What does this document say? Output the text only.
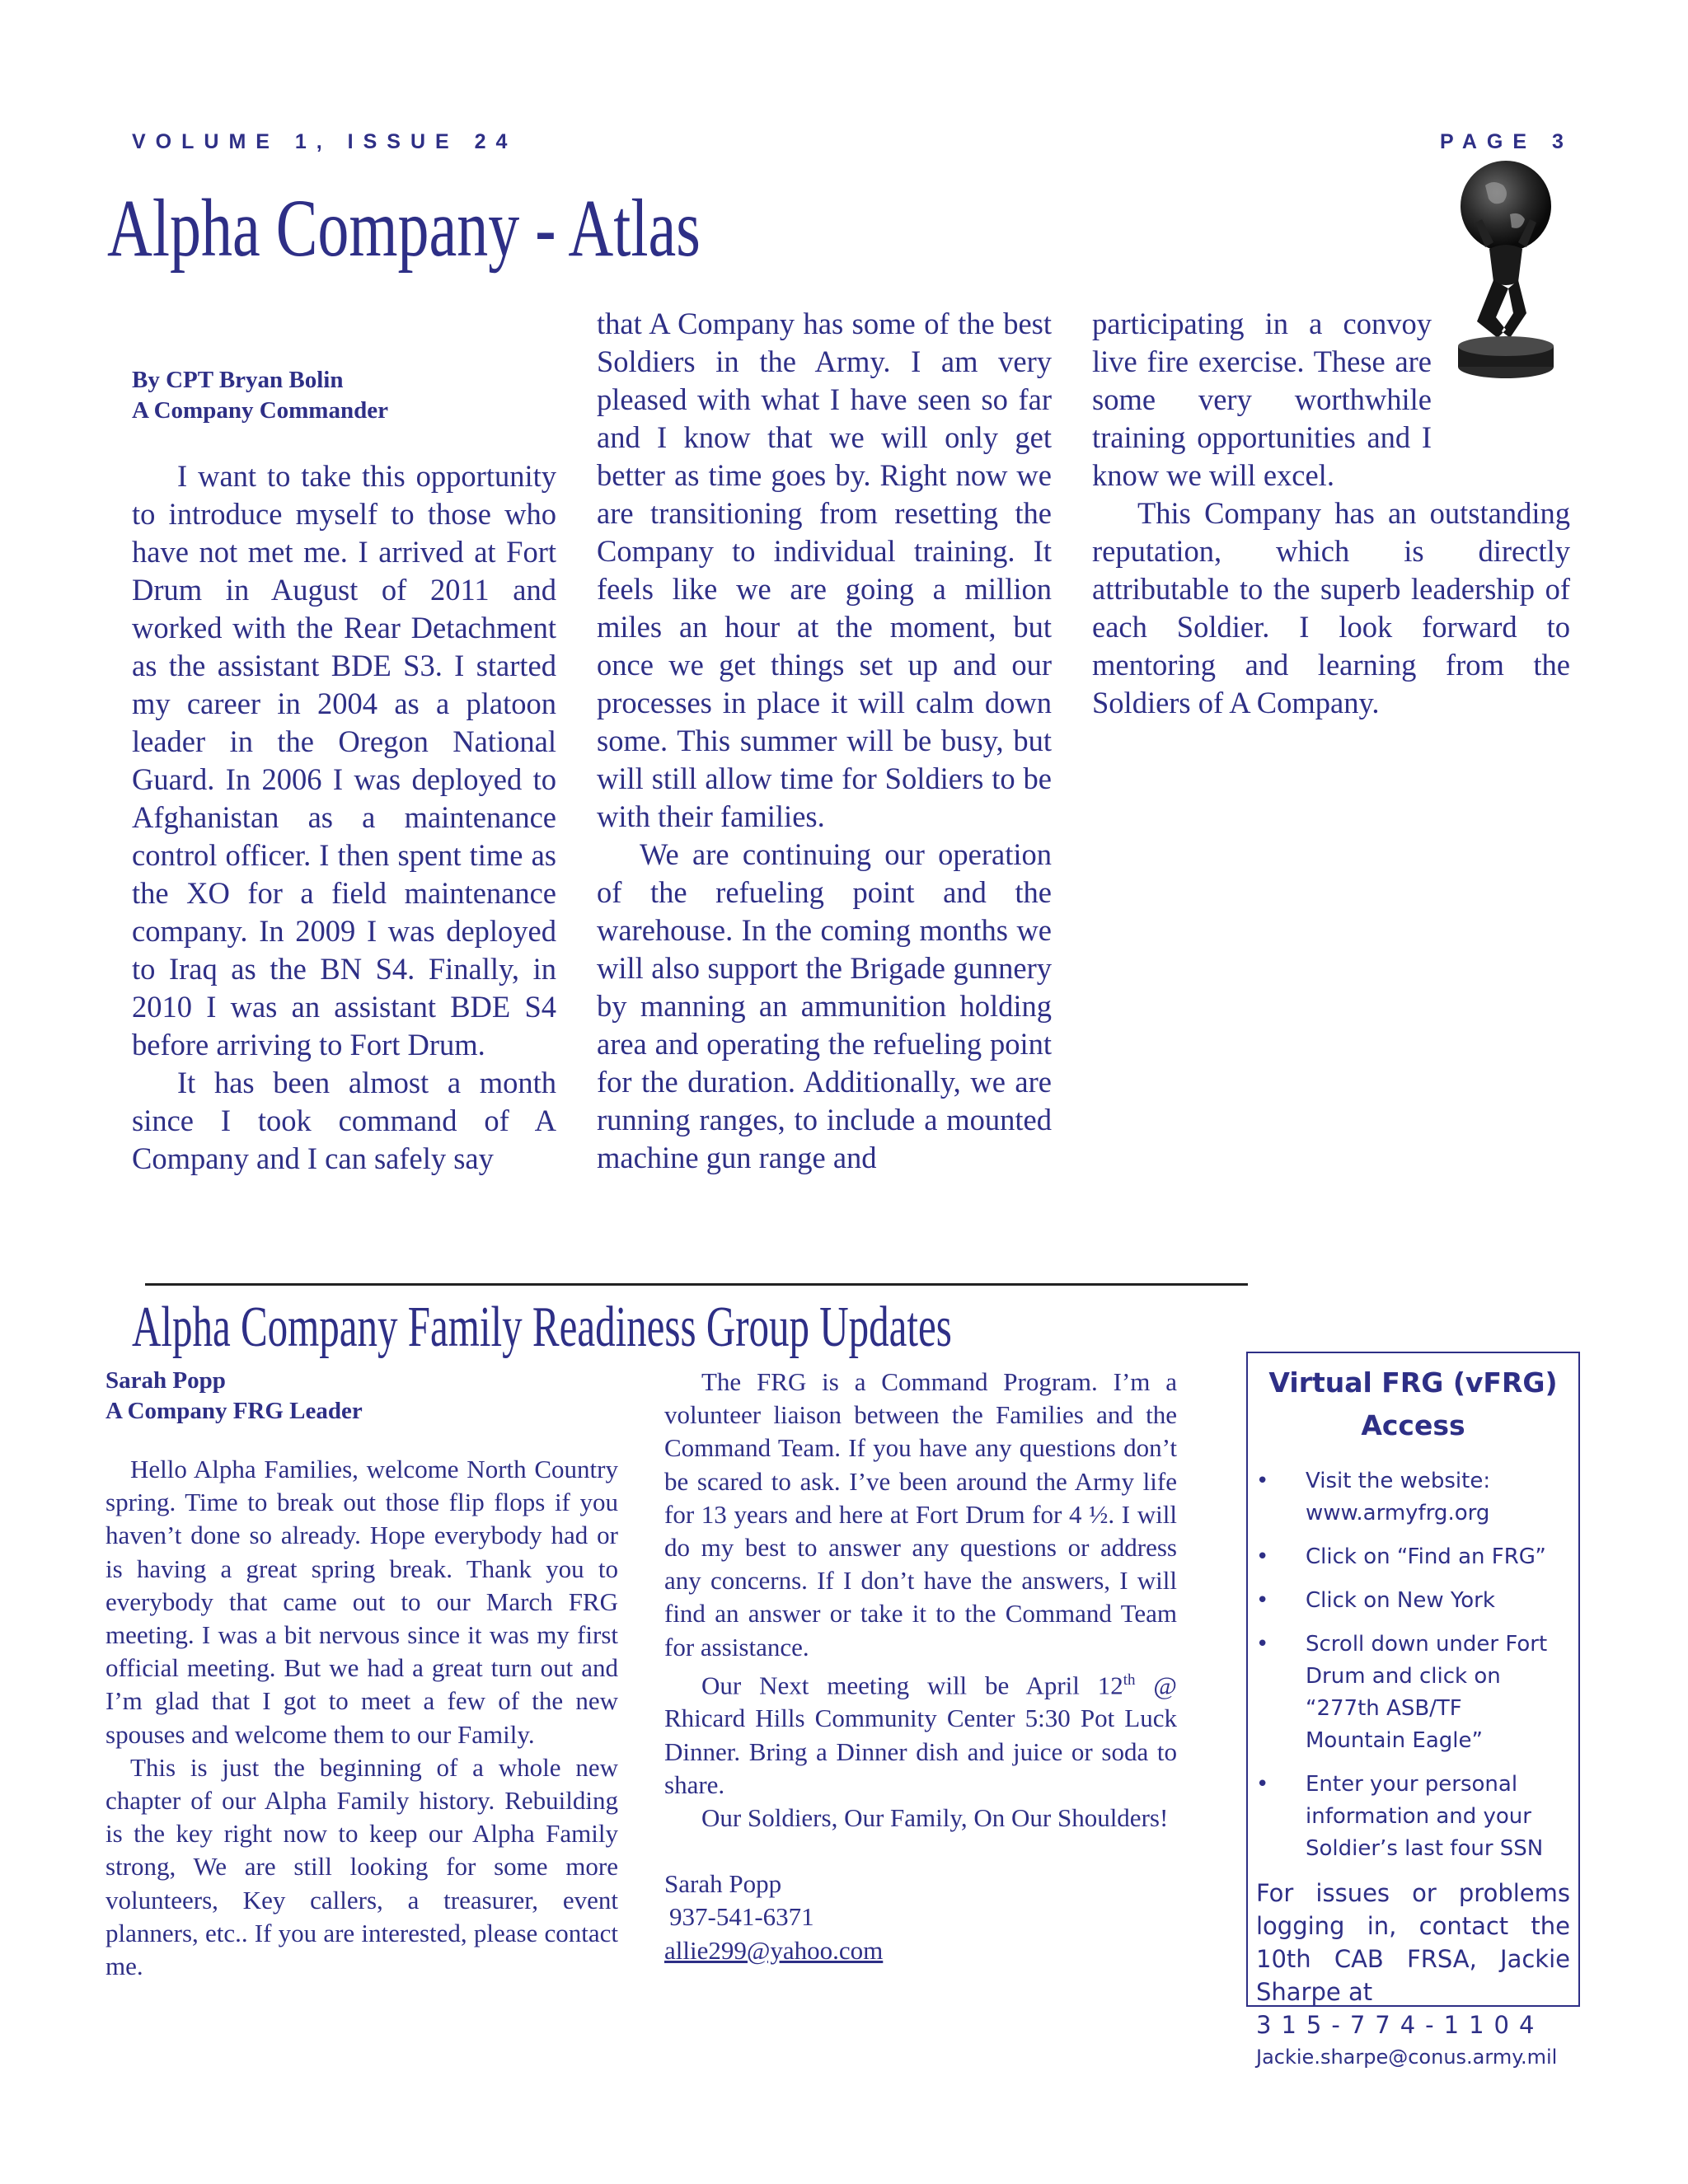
VOLUME 1, ISSUE 24	PAGE 3
Alpha Company - Atlas
By CPT Bryan Bolin
A Company Commander

I want to take this opportunity to introduce myself to those who have not met me. I arrived at Fort Drum in August of 2011 and worked with the Rear Detachment as the assistant BDE S3. I started my career in 2004 as a platoon leader in the Oregon National Guard. In 2006 I was deployed to Afghanistan as a maintenance control officer. I then spent time as the XO for a field maintenance company. In 2009 I was deployed to Iraq as the BN S4. Finally, in 2010 I was an assistant BDE S4 before arriving to Fort Drum.

It has been almost a month since I took command of A Company and I can safely say

that A Company has some of the best Soldiers in the Army. I am very pleased with what I have seen so far and I know that we will only get better as time goes by. Right now we are transitioning from resetting the Company to individual training. It feels like we are going a million miles an hour at the moment, but once we get things set up and our processes in place it will calm down some. This summer will be busy, but will still allow time for Soldiers to be with their families.

We are continuing our operation of the refueling point and the warehouse. In the coming months we will also support the Brigade gunnery by manning an ammunition holding area and operating the refueling point for the duration. Additionally, we are running ranges, to include a mounted machine gun range and

participating in a convoy live fire exercise. These are some very worthwhile training opportunities and I know we will excel.

This Company has an outstanding reputation, which is directly attributable to the superb leadership of each Soldier. I look forward to mentoring and learning from the Soldiers of A Company.

Alpha Company Family Readiness Group Updates
Sarah Popp
A Company FRG Leader

Hello Alpha Families, welcome North Country spring. Time to break out those flip flops if you haven’t done so already. Hope everybody had or is having a great spring break. Thank you to everybody that came out to our March FRG meeting. I was a bit nervous since it was my first official meeting. But we had a great turn out and I’m glad that I got to meet a few of the new spouses and welcome them to our Family.

This is just the beginning of a whole new chapter of our Alpha Family history. Rebuilding is the key right now to keep our Alpha Family strong, We are still looking for some more volunteers, Key callers, a treasurer, event planners, etc.. If you are interested, please contact me.

The FRG is a Command Program. I’m a volunteer liaison between the Families and the Command Team. If you have any questions don’t be scared to ask. I’ve been around the Army life for 13 years and here at Fort Drum for 4 ½. I will do my best to answer any questions or address any concerns. If I don’t have the answers, I will find an answer or take it to the Command Team for assistance.

Our Next meeting will be April 12th @ Rhicard Hills Community Center 5:30 Pot Luck Dinner. Bring a Dinner dish and juice or soda to share.

Our Soldiers, Our Family, On Our Shoulders!

Sarah Popp

937-541-6371

allie299@yahoo.com

Virtual FRG (vFRG)
Access
• Visit the website: www.armyfrg.org
• Click on “Find an FRG”
• Click on New York
• Scroll down under Fort Drum and click on “277th ASB/TF Mountain Eagle”
• Enter your personal information and your Soldier’s last four SSN
For issues or problems logging in, contact the 10th CAB FRSA, Jackie Sharpe at
315-774-1104
Jackie.sharpe@conus.army.mil
